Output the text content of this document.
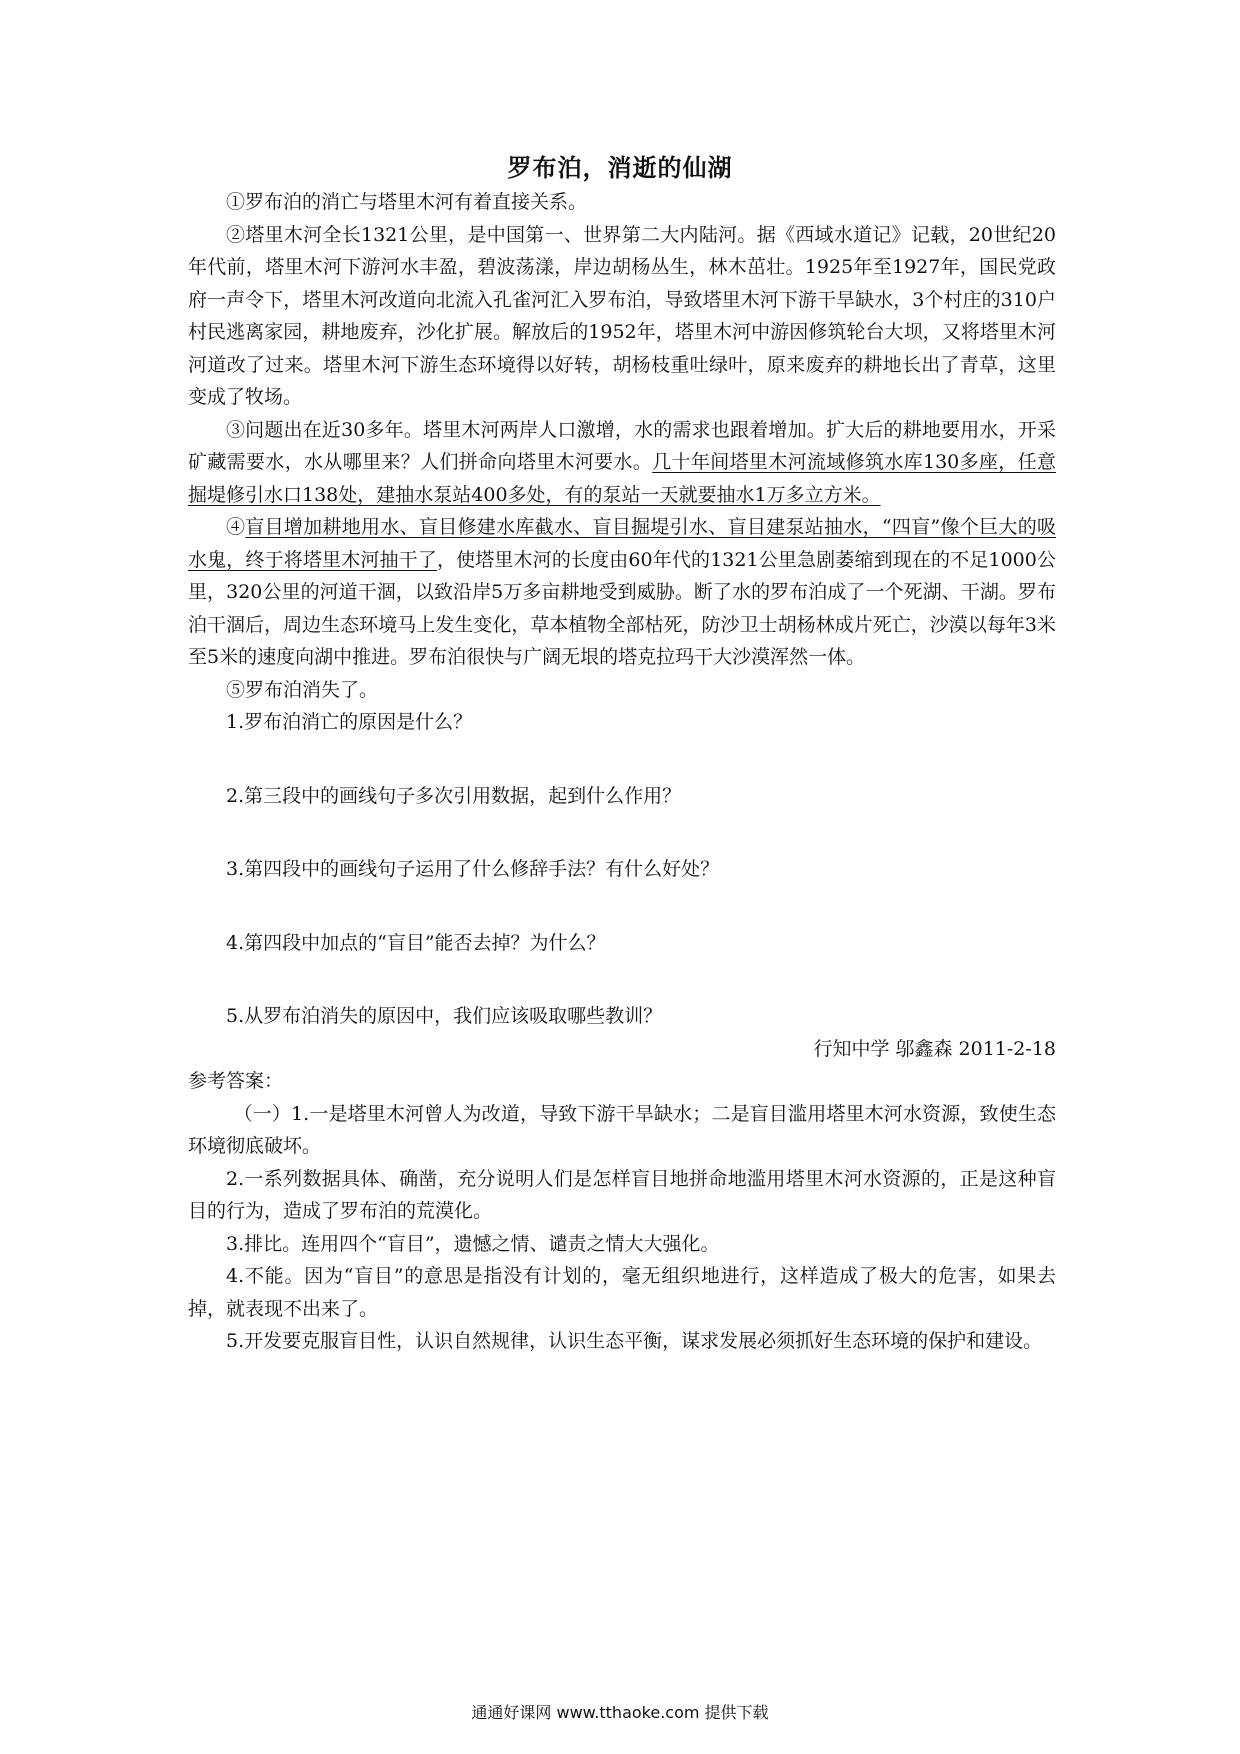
罗布泊，消逝的仙湖

①罗布泊的消亡与塔里木河有着直接关系。

②塔里木河全长1321公里，是中国第一、世界第二大内陆河。据《西域水道记》记载，20世纪20年代前，塔里木河下游河水丰盈，碧波荡漾，岸边胡杨丛生，林木茁壮。1925年至1927年，国民党政府一声令下，塔里木河改道向北流入孔雀河汇入罗布泊，导致塔里木河下游干旱缺水，3个村庄的310户村民逃离家园，耕地废弃，沙化扩展。解放后的1952年，塔里木河中游因修筑轮台大坝，又将塔里木河河道改了过来。塔里木河下游生态环境得以好转，胡杨枝重吐绿叶，原来废弃的耕地长出了青草，这里变成了牧场。

③问题出在近30多年。塔里木河两岸人口激增，水的需求也跟着增加。扩大后的耕地要用水，开采矿藏需要水，水从哪里来？人们拼命向塔里木河要水。几十年间塔里木河流域修筑水库130多座，任意掘堤修引水口138处，建抽水泵站400多处，有的泵站一天就要抽水1万多立方米。

④盲目增加耕地用水、盲目修建水库截水、盲目掘堤引水、盲目建泵站抽水，“四盲”像个巨大的吸水鬼，终于将塔里木河抽干了，使塔里木河的长度由60年代的1321公里急剧萎缩到现在的不足1000公里，320公里的河道干涸，以致沿岸5万多亩耕地受到威胁。断了水的罗布泊成了一个死湖、干湖。罗布泊干涸后，周边生态环境马上发生变化，草本植物全部枯死，防沙卫士胡杨林成片死亡，沙漠以每年3米至5米的速度向湖中推进。罗布泊很快与广阔无垠的塔克拉玛干大沙漠浑然一体。

⑤罗布泊消失了。

1.罗布泊消亡的原因是什么？

2.第三段中的画线句子多次引用数据，起到什么作用？

3.第四段中的画线句子运用了什么修辞手法？有什么好处？

4.第四段中加点的“盲目”能否去掉？为什么？

5.从罗布泊消失的原因中，我们应该吸取哪些教训？

行知中学 邬鑫森 2011-2-18

参考答案：

（一）1.一是塔里木河曾人为改道，导致下游干旱缺水；二是盲目滥用塔里木河水资源，致使生态环境彻底破坏。

2.一系列数据具体、确凿，充分说明人们是怎样盲目地拼命地滥用塔里木河水资源的，正是这种盲目的行为，造成了罗布泊的荒漠化。

3.排比。连用四个“盲目”，遗憾之情、谴责之情大大强化。

4.不能。因为“盲目”的意思是指没有计划的，毫无组织地进行，这样造成了极大的危害，如果去掉，就表现不出来了。

5.开发要克服盲目性，认识自然规律，认识生态平衡，谋求发展必须抓好生态环境的保护和建设。

通通好课网 www.tthaoke.com 提供下载
